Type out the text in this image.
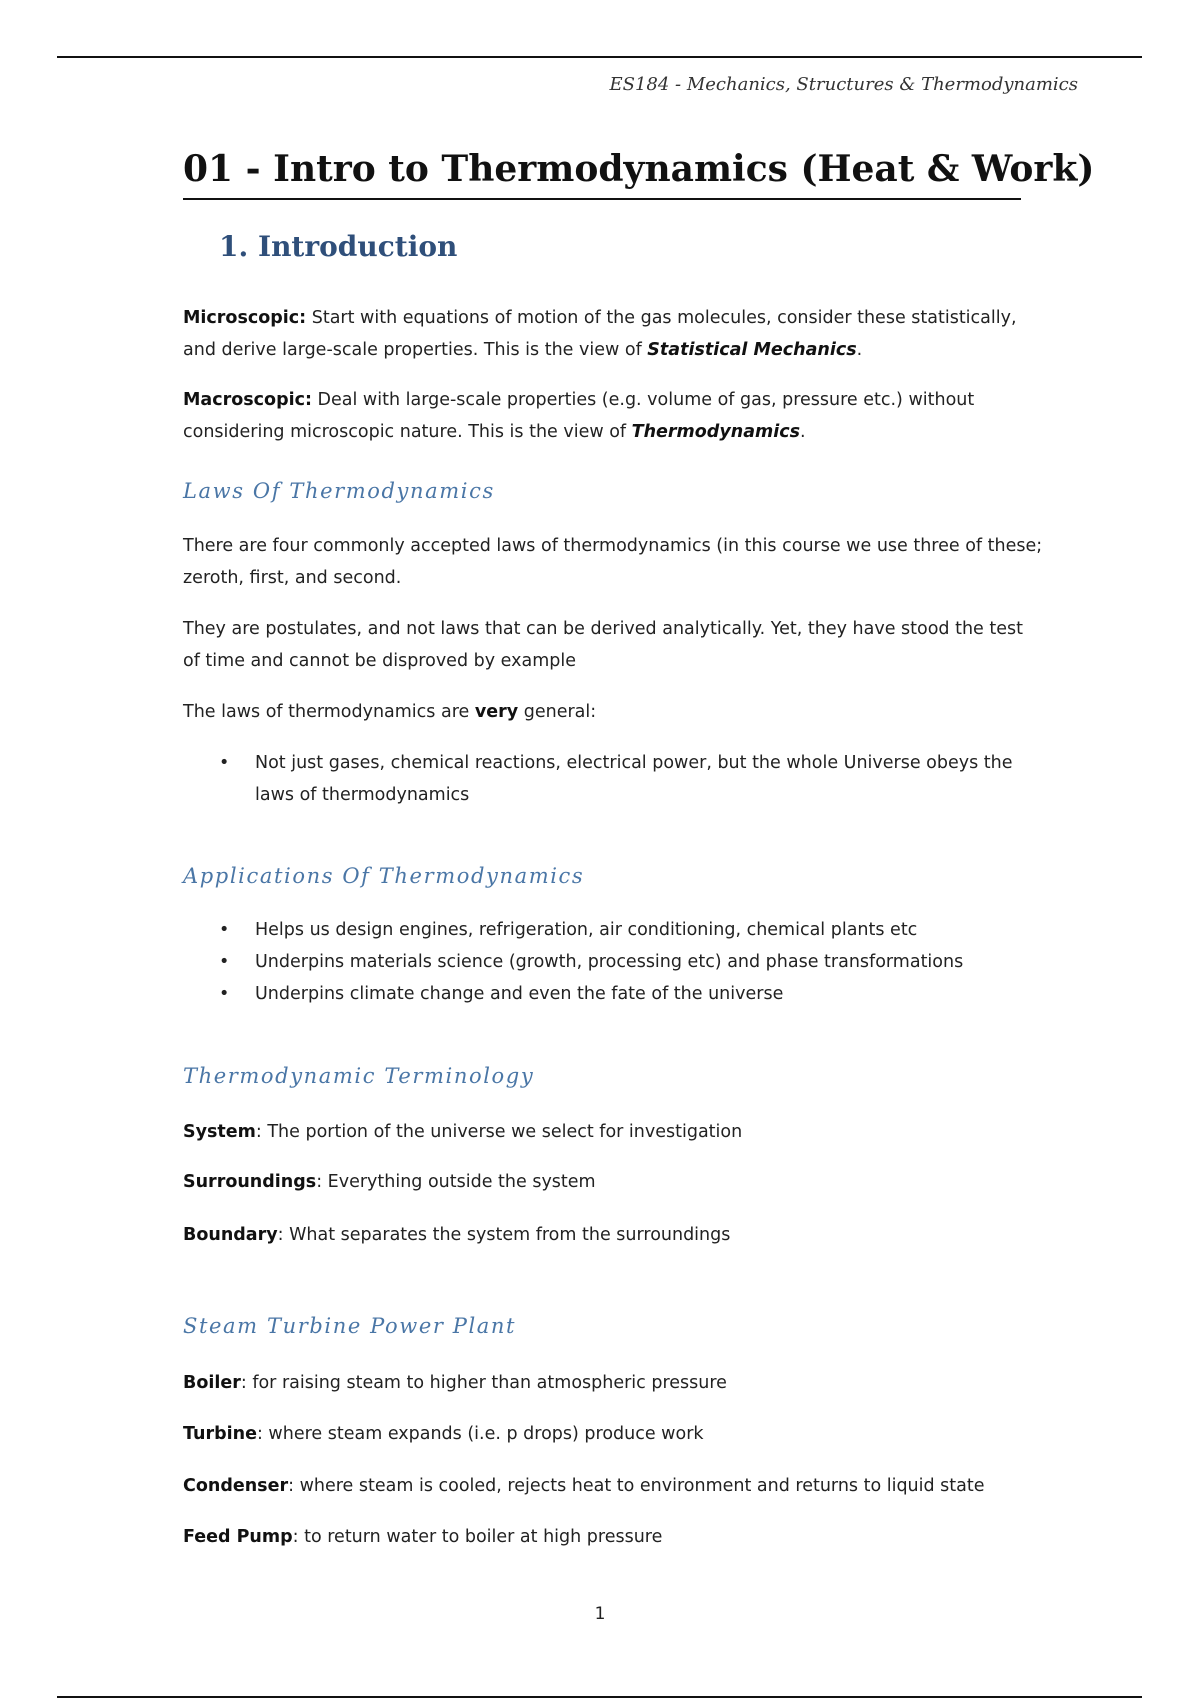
ES184 - Mechanics, Structures & Thermodynamics
01 - Intro to Thermodynamics (Heat & Work)
1. Introduction

Microscopic: Start with equations of motion of the gas molecules, consider these statistically, and derive large-scale properties. This is the view of Statistical Mechanics.

Macroscopic: Deal with large-scale properties (e.g. volume of gas, pressure etc.) without considering microscopic nature. This is the view of Thermodynamics.

Laws Of Thermodynamics

There are four commonly accepted laws of thermodynamics (in this course we use three of these; zeroth, first, and second.

They are postulates, and not laws that can be derived analytically. Yet, they have stood the test of time and cannot be disproved by example

The laws of thermodynamics are very general:

• Not just gases, chemical reactions, electrical power, but the whole Universe obeys the laws of thermodynamics
Applications Of Thermodynamics
• Helps us design engines, refrigeration, air conditioning, chemical plants etc
• Underpins materials science (growth, processing etc) and phase transformations
• Underpins climate change and even the fate of the universe
Thermodynamic Terminology

System: The portion of the universe we select for investigation

Surroundings: Everything outside the system

Boundary: What separates the system from the surroundings

Steam Turbine Power Plant

Boiler: for raising steam to higher than atmospheric pressure

Turbine: where steam expands (i.e. p drops) produce work

Condenser: where steam is cooled, rejects heat to environment and returns to liquid state

Feed Pump: to return water to boiler at high pressure

1
